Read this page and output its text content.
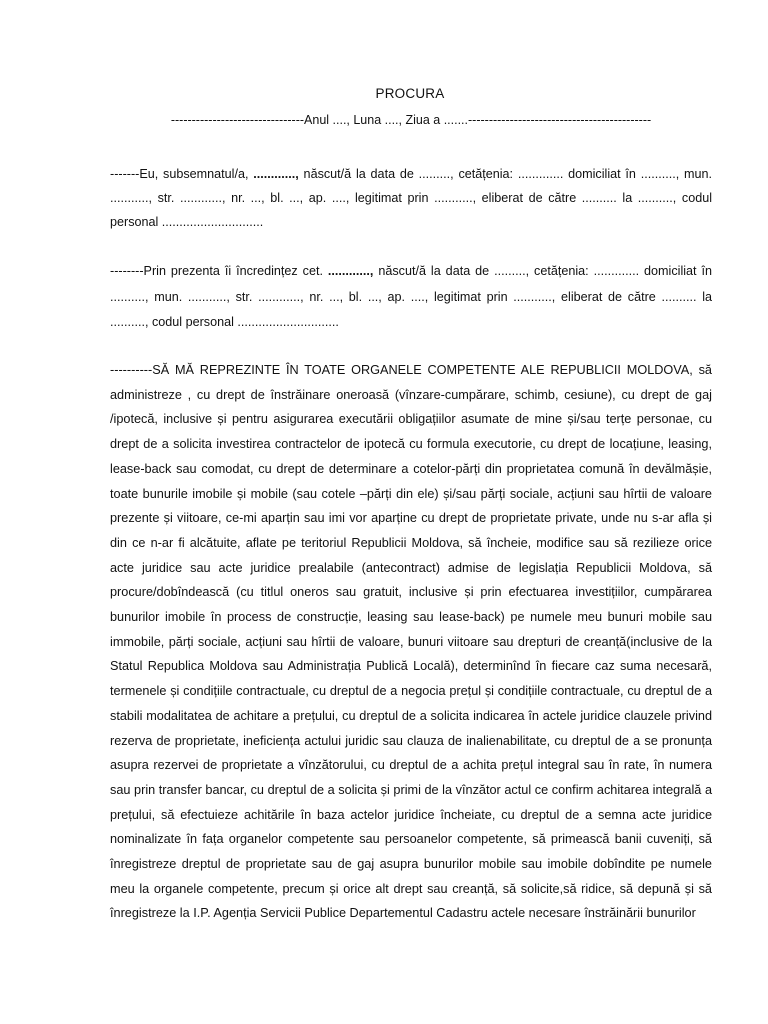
PROCURA
--------------------------------Anul ...., Luna ...., Ziua a .......--------------------------------------------

-------Eu, subsemnatul/a, ............, născut/ă la data de ........., cetățenia: ............. domiciliat în .........., mun. ..........., str. ............, nr. ..., bl. ..., ap. ...., legitimat prin ..........., eliberat de către .......... la .........., codul personal .............................

--------Prin prezenta îi încredințez cet. ............, născut/ă la data de ........., cetățenia: ............. domiciliat în .........., mun. ..........., str. ............, nr. ..., bl. ..., ap. ...., legitimat prin ..........., eliberat de către .......... la .........., codul personal .............................

----------SĂ MĂ REPREZINTE ÎN TOATE ORGANELE COMPETENTE ALE REPUBLICII MOLDOVA, să administreze , cu drept de înstrăinare oneroasă (vînzare-cumpărare, schimb, cesiune), cu drept de gaj /ipotecă, inclusive și pentru asigurarea executării obligațiilor asumate de mine și/sau terțe personae, cu drept de a solicita investirea contractelor de ipotecă cu formula executorie, cu drept de locațiune, leasing, lease-back sau comodat, cu drept de determinare a cotelor-părți din proprietatea comună în devălmășie, toate bunurile imobile și mobile (sau cotele –părți din ele) și/sau părți sociale, acțiuni sau hîrtii de valoare prezente și viitoare, ce-mi aparțin sau imi vor aparține cu drept de proprietate private, unde nu s-ar afla și din ce n-ar fi alcătuite, aflate pe teritoriul Republicii Moldova, să încheie, modifice sau să rezilieze orice acte juridice sau acte juridice prealabile (antecontract) admise de legislația Republicii Moldova, să procure/dobîndească (cu titlul oneros sau gratuit, inclusive și prin efectuarea investițiilor, cumpărarea bunurilor imobile în process de construcție, leasing sau lease-back) pe numele meu bunuri mobile sau immobile, părți sociale, acțiuni sau hîrtii de valoare, bunuri viitoare sau drepturi de creanță(inclusive de la Statul Republica Moldova sau Administrația Publică Locală), determinînd în fiecare caz suma necesară, termenele și condițiile contractuale, cu dreptul de a negocia prețul și condițiile contractuale, cu dreptul de a stabili modalitatea de achitare a prețului, cu dreptul de a solicita indicarea în actele juridice clauzele privind rezerva de proprietate, ineficiența actului juridic sau clauza de inalienabilitate, cu dreptul de a se pronunța asupra rezervei de proprietate a vînzătorului, cu dreptul de a achita prețul integral sau în rate, în numera sau prin transfer bancar, cu dreptul de a solicita și primi de la vînzător actul ce confirm achitarea integrală a prețului, să efectuieze achitările în baza actelor juridice încheiate, cu dreptul de a semna acte juridice nominalizate în fața organelor competente sau persoanelor competente, să primească banii cuveniți, să înregistreze dreptul de proprietate sau de gaj asupra bunurilor mobile sau imobile dobîndite pe numele meu la organele competente, precum și orice alt drept sau creanță, să solicite,să ridice, să depună și să înregistreze la I.P. Agenția Servicii Publice Departementul Cadastru actele necesare înstrăinării bunurilor
